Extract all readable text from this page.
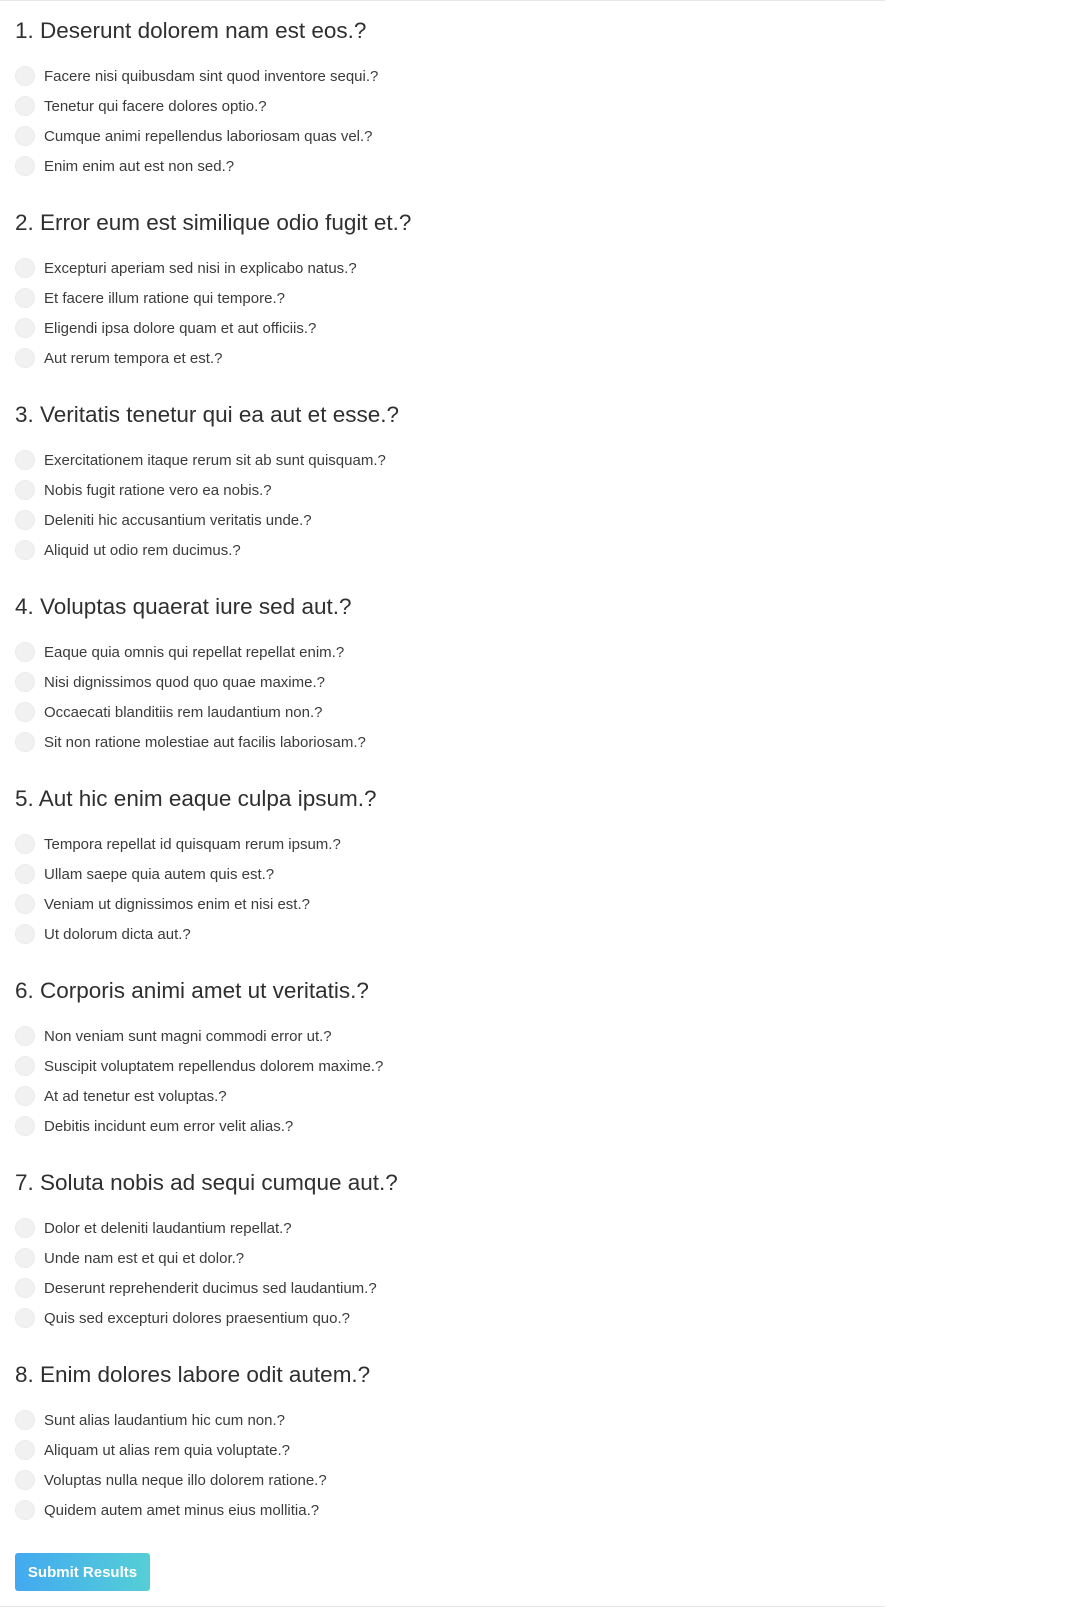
1. Deserunt dolorem nam est eos.?
Facere nisi quibusdam sint quod inventore sequi.?
Tenetur qui facere dolores optio.?
Cumque animi repellendus laboriosam quas vel.?
Enim enim aut est non sed.?
2. Error eum est similique odio fugit et.?
Excepturi aperiam sed nisi in explicabo natus.?
Et facere illum ratione qui tempore.?
Eligendi ipsa dolore quam et aut officiis.?
Aut rerum tempora et est.?
3. Veritatis tenetur qui ea aut et esse.?
Exercitationem itaque rerum sit ab sunt quisquam.?
Nobis fugit ratione vero ea nobis.?
Deleniti hic accusantium veritatis unde.?
Aliquid ut odio rem ducimus.?
4. Voluptas quaerat iure sed aut.?
Eaque quia omnis qui repellat repellat enim.?
Nisi dignissimos quod quo quae maxime.?
Occaecati blanditiis rem laudantium non.?
Sit non ratione molestiae aut facilis laboriosam.?
5. Aut hic enim eaque culpa ipsum.?
Tempora repellat id quisquam rerum ipsum.?
Ullam saepe quia autem quis est.?
Veniam ut dignissimos enim et nisi est.?
Ut dolorum dicta aut.?
6. Corporis animi amet ut veritatis.?
Non veniam sunt magni commodi error ut.?
Suscipit voluptatem repellendus dolorem maxime.?
At ad tenetur est voluptas.?
Debitis incidunt eum error velit alias.?
7. Soluta nobis ad sequi cumque aut.?
Dolor et deleniti laudantium repellat.?
Unde nam est et qui et dolor.?
Deserunt reprehenderit ducimus sed laudantium.?
Quis sed excepturi dolores praesentium quo.?
8. Enim dolores labore odit autem.?
Sunt alias laudantium hic cum non.?
Aliquam ut alias rem quia voluptate.?
Voluptas nulla neque illo dolorem ratione.?
Quidem autem amet minus eius mollitia.?
Submit Results
